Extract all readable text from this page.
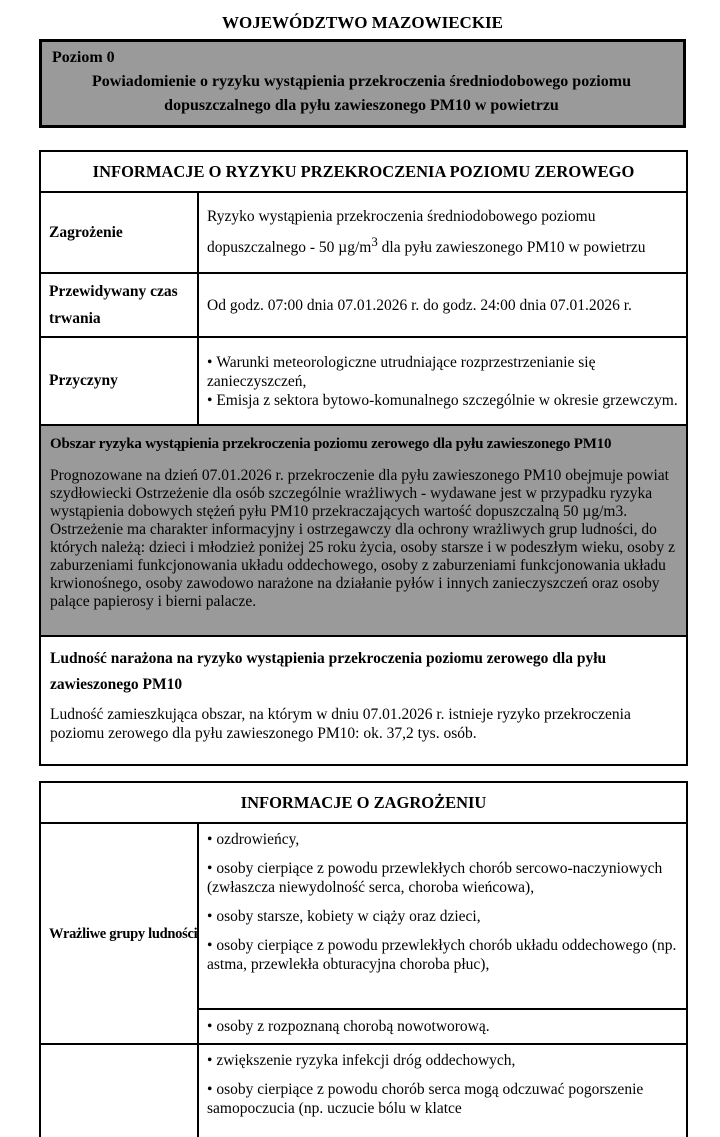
WOJEWÓDZTWO MAZOWIECKIE
Poziom 0
Powiadomienie o ryzyku wystąpienia przekroczenia średniodobowego poziomu dopuszczalnego dla pyłu zawieszonego PM10 w powietrzu
INFORMACJE O RYZYKU PRZEKROCZENIA POZIOMU ZEROWEGO	
Zagrożenie	Ryzyko wystąpienia przekroczenia średniodobowego poziomu dopuszczalnego - 50 $\mu g/m^3$ dla pyłu zawieszonego PM10 w powietrzu

Przewidywany czas trwania	Od godz. 07:00 dnia 07.01.2026 r. do godz. 24:00 dnia 07.01.2026 r.
Przyczyny	• Warunki meteorologiczne utrudniające rozprzestrzenianie się zanieczyszczeń,
• Emisja z sektora bytowo-komunalnego szczególnie w okresie grzewczym.

Obszar ryzyka wystąpienia przekroczenia poziomu zerowego dla pyłu zawieszonego PM10
Prognozowane na dzień 07.01.2026 r. przekroczenie dla pyłu zawieszonego PM10 obejmuje powiat szydłowiecki Ostrzeżenie dla osób szczególnie wrażliwych - wydawane jest w przypadku ryzyka wystąpienia dobowych stężeń pyłu PM10 przekraczających wartość dopuszczalną 50 µg/m3. Ostrzeżenie ma charakter informacyjny i ostrzegawczy dla ochrony wrażliwych grup ludności, do których należą: dzieci i młodzież poniżej 25 roku życia, osoby starsze i w podeszłym wieku, osoby z zaburzeniami funkcjonowania układu oddechowego, osoby z zaburzeniami funkcjonowania układu krwionośnego, osoby zawodowo narażone na działanie pyłów i innych zanieczyszczeń oraz osoby palące papierosy i bierni palacze.	

Ludność narażona na ryzyko wystąpienia przekroczenia poziomu zerowego dla pyłu zawieszonego PM10
Ludność zamieszkująca obszar, na którym w dniu 07.01.2026 r. istnieje ryzyko przekroczenia poziomu zerowego dla pyłu zawieszonego PM10: ok. 37,2 tys. osób.	
INFORMACJE O ZAGROŻENIU	

Wrażliwe grupy ludności	• ozdrowieńcy,
• osoby cierpiące z powodu przewlekłych chorób sercowo-naczyniowych (zwłaszcza niewydolność serca, choroba wieńcowa),
• osoby starsze, kobiety w ciąży oraz dzieci,
• osoby cierpiące z powodu przewlekłych chorób układu oddechowego (np. astma, przewlekła obturacyjna choroba płuc),

	• osoby z rozpoznaną chorobą nowotworową.

	• zwiększenie ryzyka infekcji dróg oddechowych,
• osoby cierpiące z powodu chorób serca mogą odczuwać pogorszenie samopoczucia (np. uczucie bólu w klatce
